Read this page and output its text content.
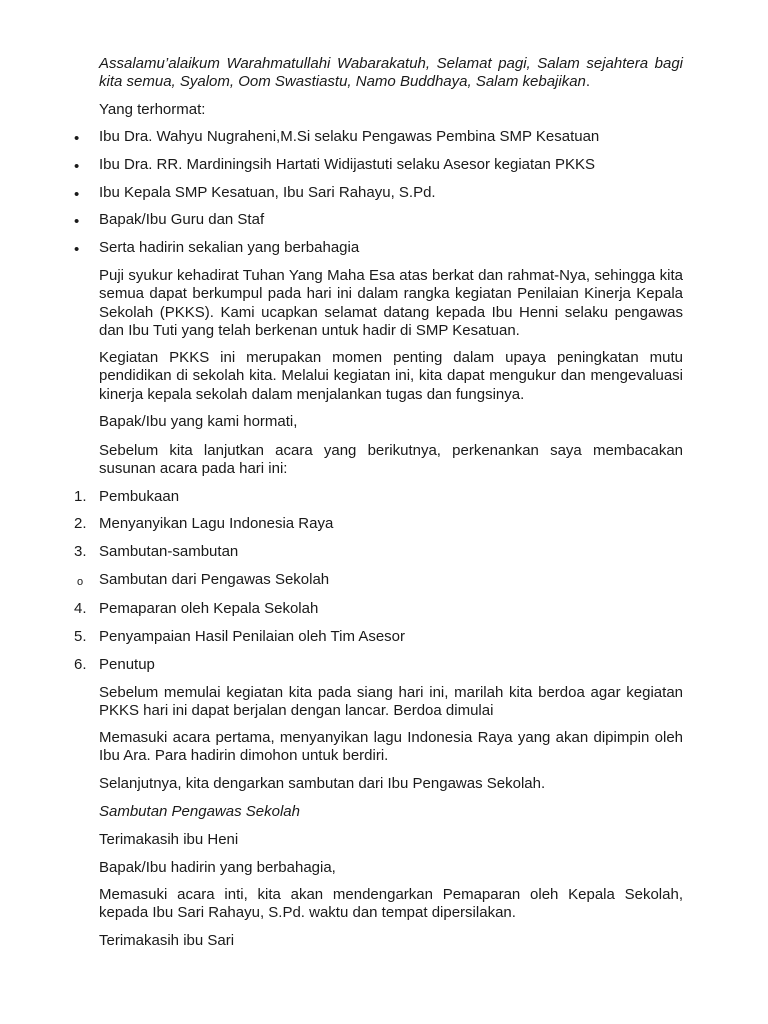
Assalamu’alaikum Warahmatullahi Wabarakatuh, Selamat pagi, Salam sejahtera bagi kita semua, Syalom, Oom Swastiastu, Namo Buddhaya, Salam kebajikan.

Yang terhormat:

• Ibu Dra. Wahyu Nugraheni,M.Si selaku Pengawas Pembina SMP Kesatuan

• Ibu Dra. RR. Mardiningsih Hartati Widijastuti selaku Asesor kegiatan PKKS

• Ibu Kepala SMP Kesatuan, Ibu Sari Rahayu, S.Pd.

• Bapak/Ibu Guru dan Staf

• Serta hadirin sekalian yang berbahagia

Puji syukur kehadirat Tuhan Yang Maha Esa atas berkat dan rahmat-Nya, sehingga kita semua dapat berkumpul pada hari ini dalam rangka kegiatan Penilaian Kinerja Kepala Sekolah (PKKS). Kami ucapkan selamat datang kepada Ibu Henni selaku pengawas dan Ibu Tuti yang telah berkenan untuk hadir di SMP Kesatuan.

Kegiatan PKKS ini merupakan momen penting dalam upaya peningkatan mutu pendidikan di sekolah kita. Melalui kegiatan ini, kita dapat mengukur dan mengevaluasi kinerja kepala sekolah dalam menjalankan tugas dan fungsinya.

Bapak/Ibu yang kami hormati,

Sebelum kita lanjutkan acara yang berikutnya, perkenankan saya membacakan susunan acara pada hari ini:

1. Pembukaan

2. Menyanyikan Lagu Indonesia Raya

3. Sambutan-sambutan

o Sambutan dari Pengawas Sekolah

4. Pemaparan oleh Kepala Sekolah

5. Penyampaian Hasil Penilaian oleh Tim Asesor

6. Penutup

Sebelum memulai kegiatan kita pada siang hari ini, marilah kita berdoa agar kegiatan PKKS hari ini dapat berjalan dengan lancar. Berdoa dimulai

Memasuki acara pertama, menyanyikan lagu Indonesia Raya yang akan dipimpin oleh Ibu Ara. Para hadirin dimohon untuk berdiri.

Selanjutnya, kita dengarkan sambutan dari Ibu Pengawas Sekolah.

Sambutan Pengawas Sekolah

Terimakasih ibu Heni

Bapak/Ibu hadirin yang berbahagia,

Memasuki acara inti, kita akan mendengarkan Pemaparan oleh Kepala Sekolah, kepada Ibu Sari Rahayu, S.Pd. waktu dan tempat dipersilakan.

Terimakasih ibu Sari
